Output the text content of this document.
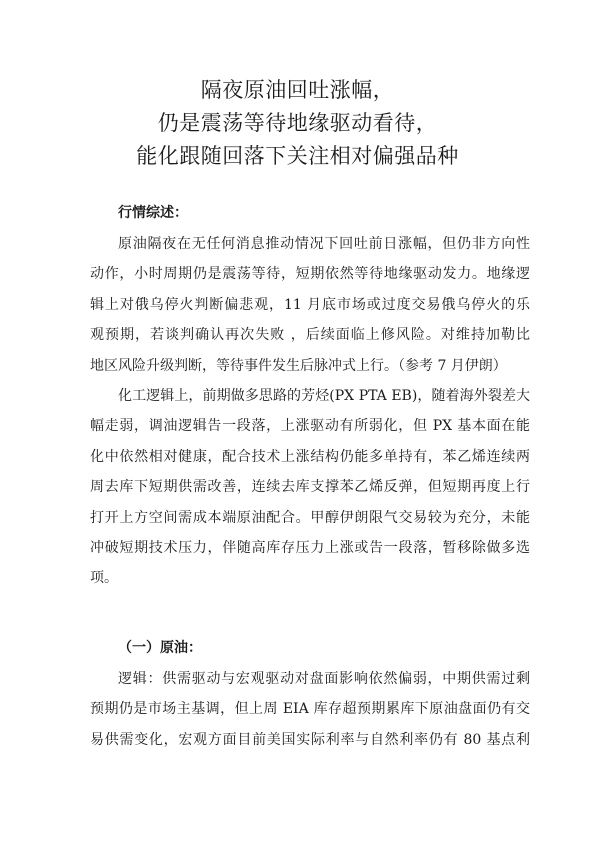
隔夜原油回吐涨幅，
仍是震荡等待地缘驱动看待，
能化跟随回落下关注相对偏强品种
行情综述：
原油隔夜在无任何消息推动情况下回吐前日涨幅，但仍非方向性
动作，小时周期仍是震荡等待，短期依然等待地缘驱动发力。地缘逻
辑上对俄乌停火判断偏悲观，11 月底市场或过度交易俄乌停火的乐
观预期，若谈判确认再次失败 ，后续面临上修风险。对维持加勒比
地区风险升级判断，等待事件发生后脉冲式上行。（参考 7 月伊朗）
化工逻辑上，前期做多思路的芳烃(PX PTA EB)，随着海外裂差大
幅走弱，调油逻辑告一段落，上涨驱动有所弱化，但 PX 基本面在能
化中依然相对健康，配合技术上涨结构仍能多单持有，苯乙烯连续两
周去库下短期供需改善，连续去库支撑苯乙烯反弹，但短期再度上行
打开上方空间需成本端原油配合。甲醇伊朗限气交易较为充分，未能
冲破短期技术压力，伴随高库存压力上涨或告一段落，暂移除做多选
项。
（一）原油：
逻辑：供需驱动与宏观驱动对盘面影响依然偏弱，中期供需过剩
预期仍是市场主基调，但上周 EIA 库存超预期累库下原油盘面仍有交
易供需变化，宏观方面目前美国实际利率与自然利率仍有 80 基点利
